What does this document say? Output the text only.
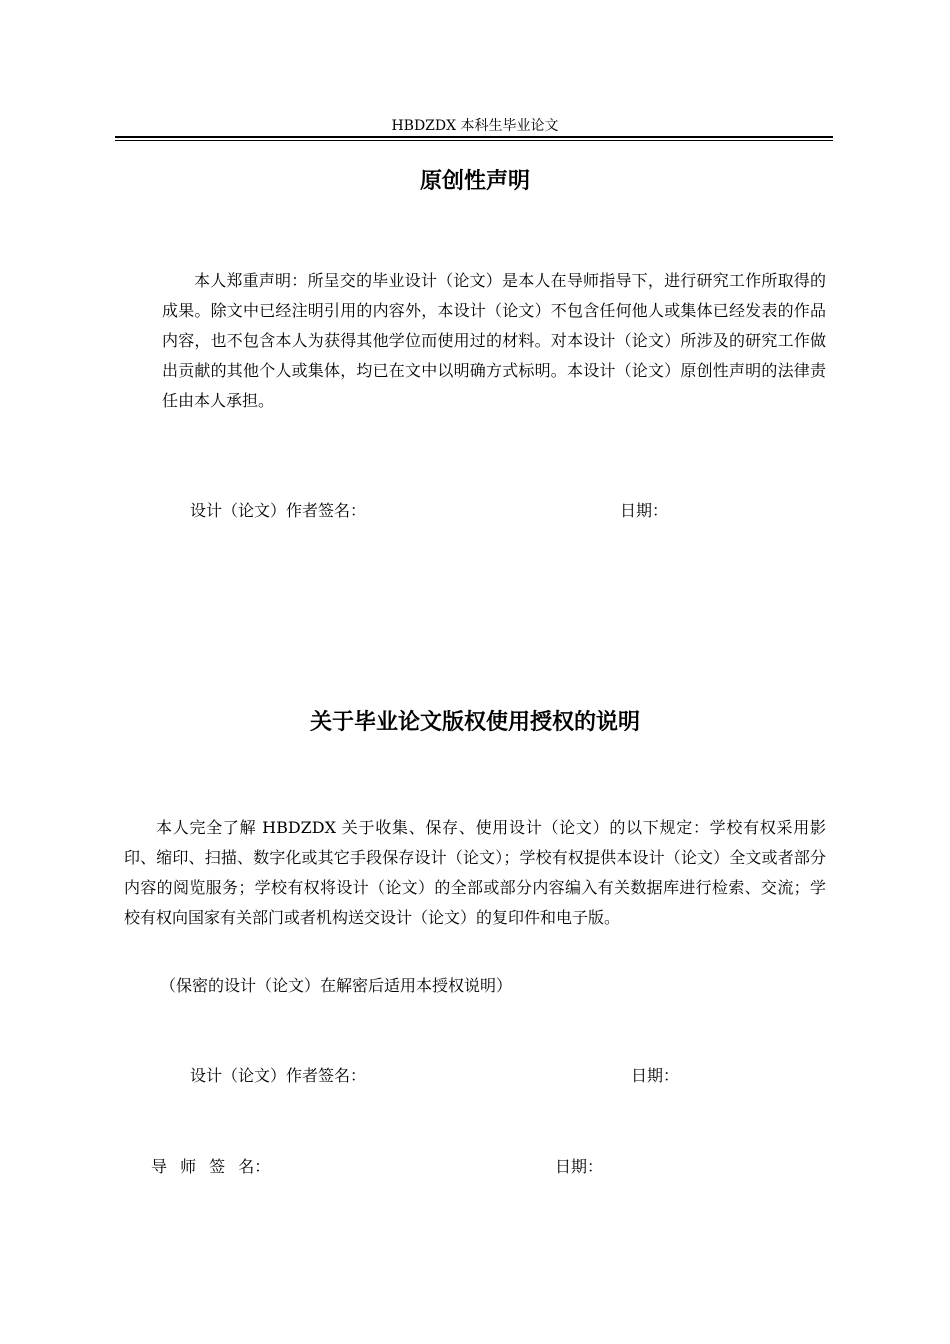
HBDZDX 本科生毕业论文
原创性声明

本人郑重声明：所呈交的毕业设计（论文）是本人在导师指导下，进行研究工作所取得的成果。除文中已经注明引用的内容外，本设计（论文）不包含任何他人或集体已经发表的作品内容，也不包含本人为获得其他学位而使用过的材料。对本设计（论文）所涉及的研究工作做出贡献的其他个人或集体，均已在文中以明确方式标明。本设计（论文）原创性声明的法律责任由本人承担。

设计（论文）作者签名：	日期：
关于毕业论文版权使用授权的说明

本人完全了解 HBDZDX 关于收集、保存、使用设计（论文）的以下规定：学校有权采用影印、缩印、扫描、数字化或其它手段保存设计（论文）；学校有权提供本设计（论文）全文或者部分内容的阅览服务；学校有权将设计（论文）的全部或部分内容编入有关数据库进行检索、交流；学校有权向国家有关部门或者机构送交设计（论文）的复印件和电子版。

（保密的设计（论文）在解密后适用本授权说明）
设计（论文）作者签名：	日期：
导 师 签 名：	日期：
